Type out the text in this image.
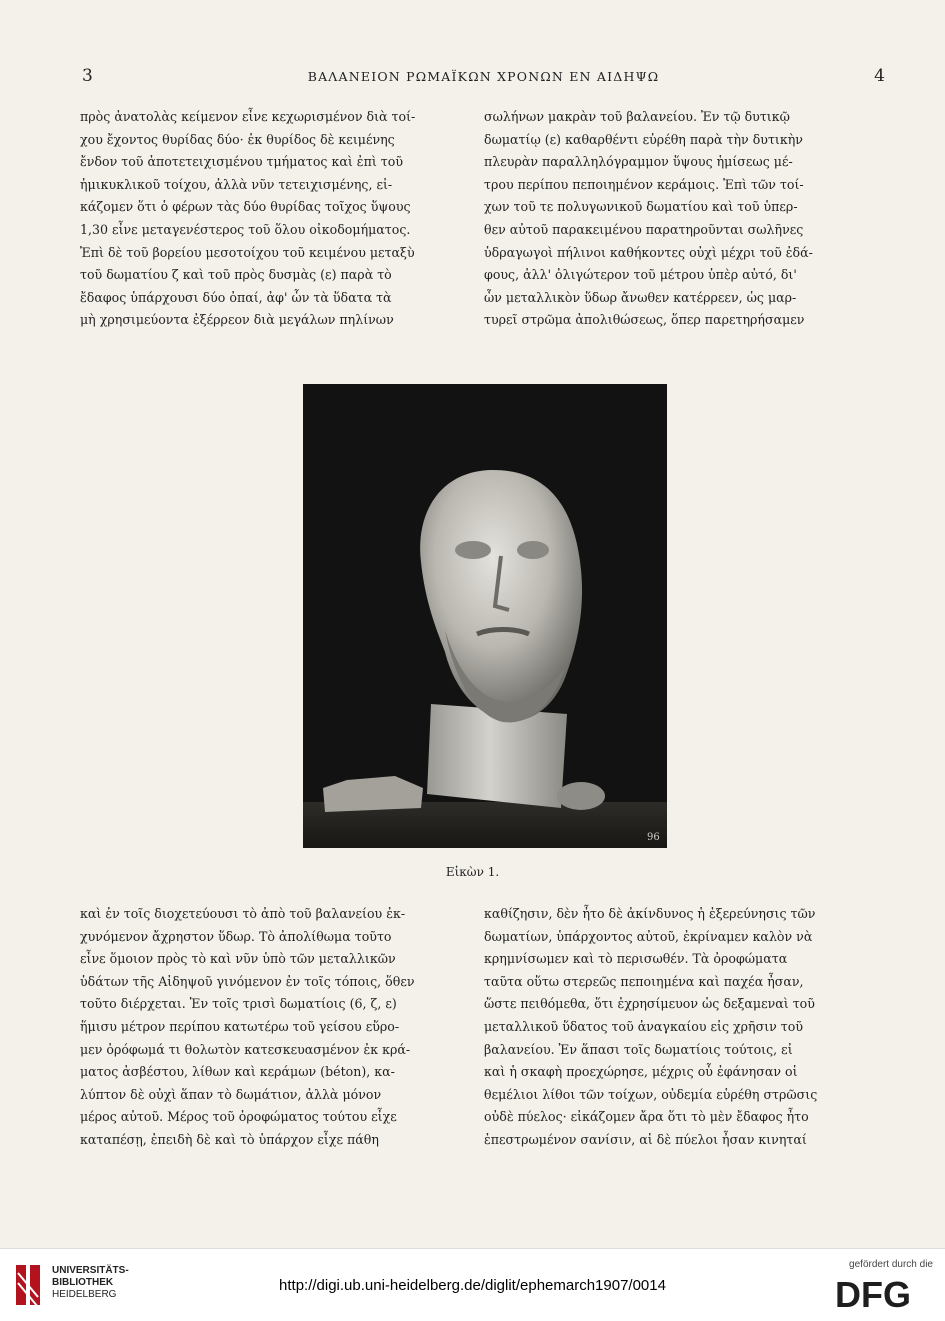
3	ΒΑΛΑΝΕΙΟΝ ΡΩΜΑΪΚΩΝ ΧΡΟΝΩΝ ΕΝ ΑΙΔΗΨΩ	4
πρὸς ἀνατολὰς κείμενον εἶνε κεχωρισμένον διὰ τοί-
χου ἔχοντος θυρίδας δύο· ἐκ θυρίδος δὲ κειμένης
ἔνδον τοῦ ἀποτετειχισμένου τμήματος καὶ ἐπὶ τοῦ
ἡμικυκλικοῦ τοίχου, ἀλλὰ νῦν τετειχισμένης, εἰ-
κάζομεν ὅτι ὁ φέρων τὰς δύο θυρίδας τοῖχος ὕψους
1,30 εἶνε μεταγενέστερος τοῦ ὅλου οἰκοδομήματος.
Ἐπὶ δὲ τοῦ βορείου μεσοτοίχου τοῦ κειμένου μεταξὺ
τοῦ δωματίου ζ καὶ τοῦ πρὸς δυσμὰς (ε) παρὰ τὸ
ἔδαφος ὑπάρχουσι δύο ὀπαί, ἀφ' ὧν τὰ ὕδατα τὰ
μὴ χρησιμεύοντα ἐξέρρεον διὰ μεγάλων πηλίνων
σωλήνων μακρὰν τοῦ βαλανείου. Ἐν τῷ δυτικῷ
δωματίῳ (ε) καθαρθέντι εὑρέθη παρὰ τὴν δυτικὴν
πλευρὰν παραλληλόγραμμον ὕψους ἡμίσεως μέ-
τρου περίπου πεποιημένον κεράμοις. Ἐπὶ τῶν τοί-
χων τοῦ τε πολυγωνικοῦ δωματίου καὶ τοῦ ὑπερ-
θεν αὐτοῦ παρακειμένου παρατηροῦνται σωλῆνες
ὑδραγωγοὶ πήλινοι καθήκοντες οὐχὶ μέχρι τοῦ ἐδά-
φους, ἀλλ' ὀλιγώτερον τοῦ μέτρου ὑπὲρ αὐτό, δι'
ὧν μεταλλικὸν ὕδωρ ἄνωθεν κατέρρεεν, ὡς μαρ-
τυρεῖ στρῶμα ἀπολιθώσεως, ὅπερ παρετηρήσαμεν
96
Εἰκὼν 1.
καὶ ἐν τοῖς διοχετεύουσι τὸ ἀπὸ τοῦ βαλανείου ἐκ-
χυνόμενον ἄχρηστον ὕδωρ. Τὸ ἀπολίθωμα τοῦτο
εἶνε ὅμοιον πρὸς τὸ καὶ νῦν ὑπὸ τῶν μεταλλικῶν
ὑδάτων τῆς Αἰδηψοῦ γινόμενον ἐν τοῖς τόποις, ὅθεν
τοῦτο διέρχεται. Ἐν τοῖς τρισὶ δωματίοις (6, ζ, ε)
ἥμισυ μέτρον περίπου κατωτέρω τοῦ γείσου εὕρο-
μεν ὀρόφωμά τι θολωτὸν κατεσκευασμένον ἐκ κρά-
ματος ἀσβέστου, λίθων καὶ κεράμων (béton), κα-
λύπτον δὲ οὐχὶ ἅπαν τὸ δωμάτιον, ἀλλὰ μόνον
μέρος αὐτοῦ. Μέρος τοῦ ὀροφώματος τούτου εἶχε
καταπέσῃ, ἐπειδὴ δὲ καὶ τὸ ὑπάρχον εἶχε πάθη
καθίζησιν, δὲν ἦτο δὲ ἀκίνδυνος ἡ ἐξερεύνησις τῶν
δωματίων, ὑπάρχοντος αὐτοῦ, ἐκρίναμεν καλὸν νὰ
κρημνίσωμεν καὶ τὸ περισωθέν. Τὰ ὀροφώματα
ταῦτα οὕτω στερεῶς πεποιημένα καὶ παχέα ἦσαν,
ὥστε πειθόμεθα, ὅτι ἐχρησίμευον ὡς δεξαμεναὶ τοῦ
μεταλλικοῦ ὕδατος τοῦ ἀναγκαίου εἰς χρῆσιν τοῦ
βαλανείου. Ἐν ἅπασι τοῖς δωματίοις τούτοις, εἰ
καὶ ἡ σκαφὴ προεχώρησε, μέχρις οὗ ἐφάνησαν οἱ
θεμέλιοι λίθοι τῶν τοίχων, οὐδεμία εὑρέθη στρῶσις
οὐδὲ πύελος· εἰκάζομεν ἄρα ὅτι τὸ μὲν ἔδαφος ἦτο
ἐπεστρωμένον σανίσιν, αἱ δὲ πύελοι ἦσαν κινηταί
UNIVERSITÄTS-
BIBLIOTHEK
HEIDELBERG
http://digi.ub.uni-heidelberg.de/diglit/ephemarch1907/0014
gefördert durch die
DFG
